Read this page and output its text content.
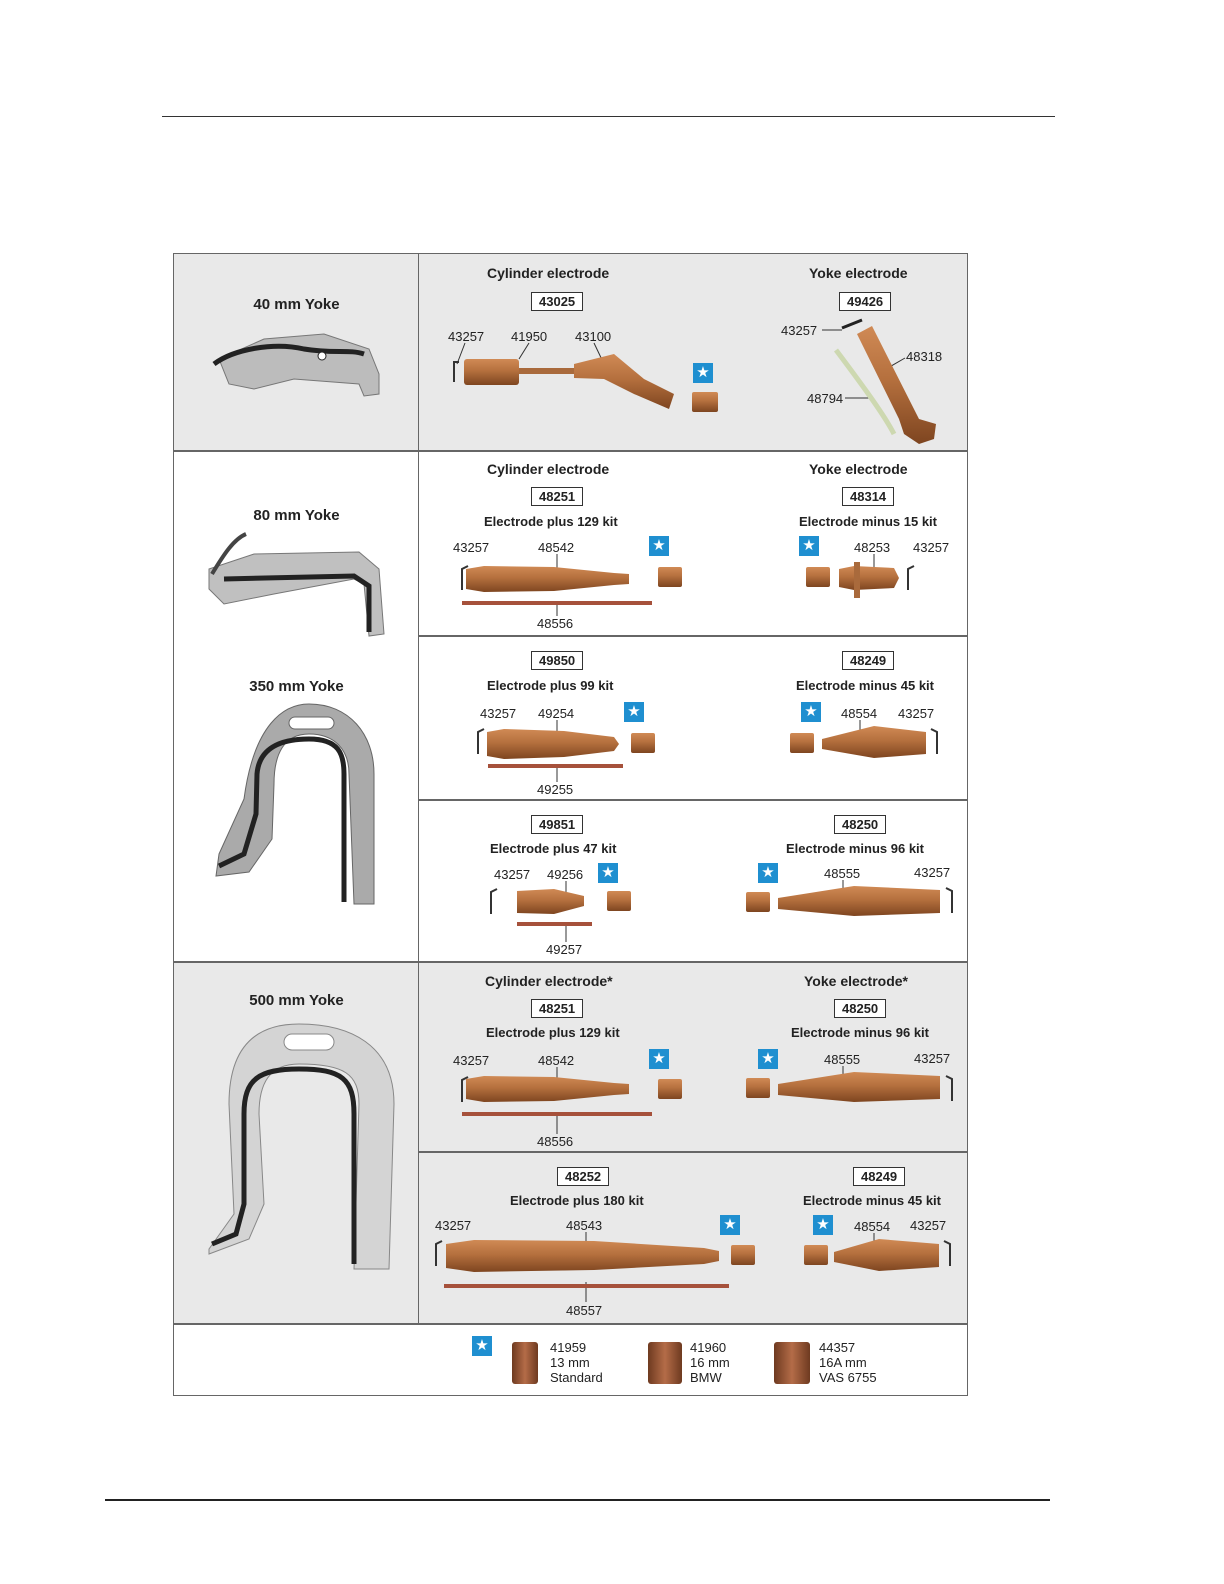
40 mm Yoke
80 mm Yoke
350 mm Yoke
500 mm Yoke
Cylinder electrode
43025
43257 41950 43100
★
Yoke electrode
49426
43257
48318
48794
Cylinder electrode
48251
Electrode plus 129 kit
43257	48542
48556
★
Yoke electrode
48314
Electrode minus 15 kit
★	48253 43257
49850
Electrode plus 99 kit
43257 49254
49255
★
48249
Electrode minus 45 kit
★ 48554 43257
49851
Electrode plus 47 kit
43257 49256
49257
★
48250
Electrode minus 96 kit
★	48555	43257
Cylinder electrode*
48251
Electrode plus 129 kit
43257	48542
48556
★
Yoke electrode*
48250
Electrode minus 96 kit
★	48555	43257
48252
Electrode plus 180 kit
43257	48543
48557
★
48249
Electrode minus 45 kit
★ 48554 43257
★	41959
13 mm
Standard
41960
16 mm
BMW
44357
16A mm
VAS 6755
